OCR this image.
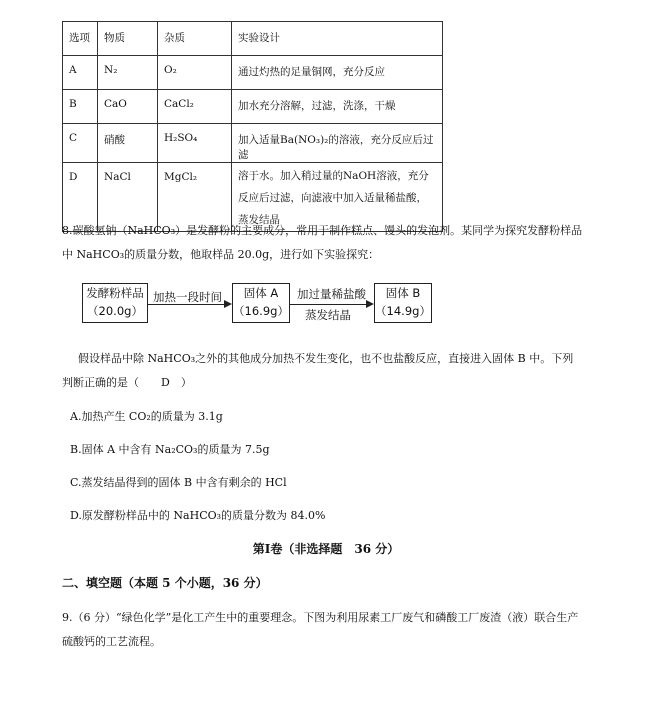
选项	物质	杂质	实验设计
A	N₂	O₂	通过灼热的足量铜网，充分反应
B	CaO	CaCl₂	加水充分溶解，过滤，洗涤，干燥
C	硝酸	H₂SO₄	加入适量Ba(NO₃)₂的溶液，充分反应后过滤
D	NaCl	MgCl₂	溶于水。加入稍过量的NaOH溶液，充分反应后过滤，向滤液中加入适量稀盐酸，蒸发结晶
8.碳酸氢钠（NaHCO₃）是发酵粉的主要成分，常用于制作糕点、馒头的发泡剂。某同学为探究发酵粉样品
中 NaHCO₃的质量分数，他取样品 20.0g，进行如下实验探究：
发酵粉样品
（20.0g）
加热一段时间	固体 A
（16.9g）
加过量稀盐酸
蒸发结晶
固体 B
（14.9g）
假设样品中除 NaHCO₃之外的其他成分加热不发生变化，也不也盐酸反应，直接进入固体 B 中。下列
判断正确的是（　　D　）
A.加热产生 CO₂的质量为 3.1g
B.固体 A 中含有 Na₂CO₃的质量为 7.5g
C.蒸发结晶得到的固体 B 中含有剩余的 HCl
D.原发酵粉样品中的 NaHCO₃的质量分数为 84.0%
第Ⅰ卷（非选择题　36 分）
二、填空题（本题 5 个小题，36 分）
9.（6 分）“绿色化学”是化工产生中的重要理念。下图为利用尿素工厂废气和磷酸工厂废渣（液）联合生产
硫酸钙的工艺流程。
